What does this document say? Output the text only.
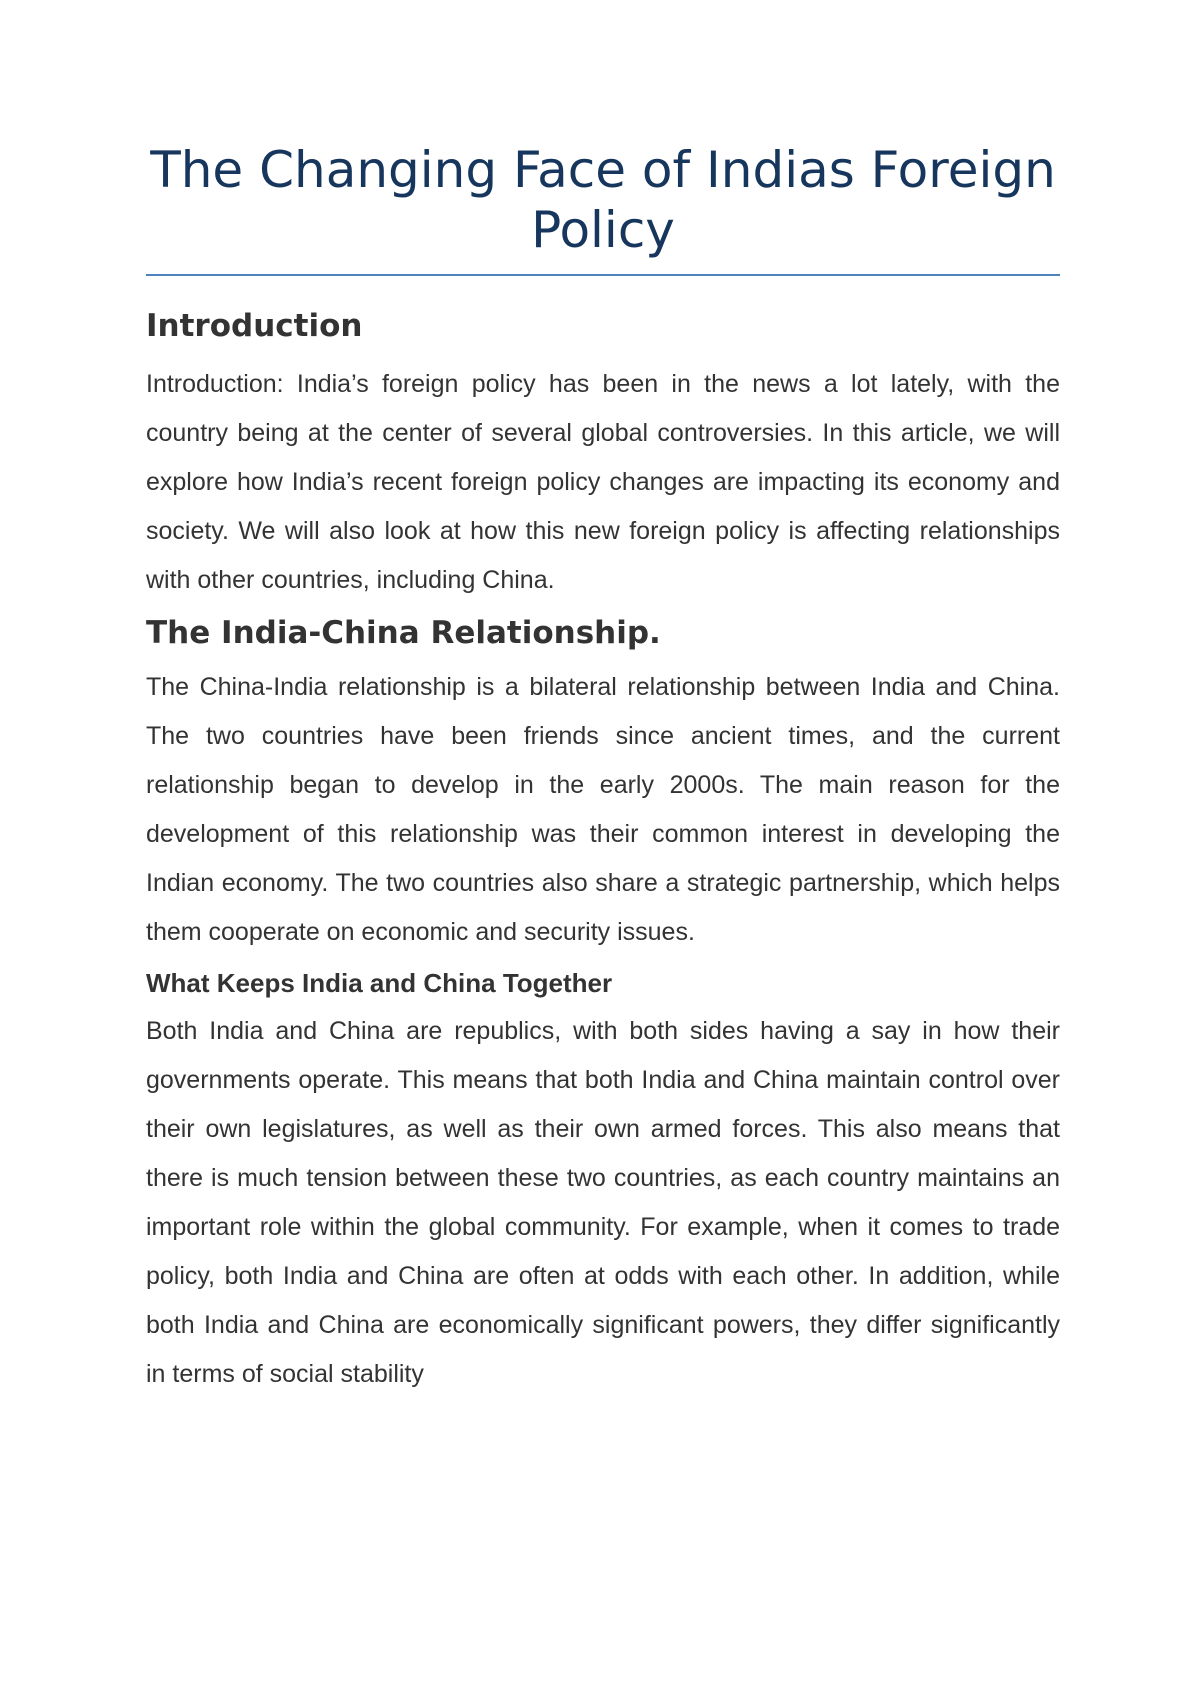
The Changing Face of Indias Foreign Policy
Introduction

Introduction: India’s foreign policy has been in the news a lot lately, with the country being at the center of several global controversies. In this article, we will explore how India’s recent foreign policy changes are impacting its economy and society. We will also look at how this new foreign policy is affecting relationships with other countries, including China.

The India-China Relationship.

The China-India relationship is a bilateral relationship between India and China. The two countries have been friends since ancient times, and the current relationship began to develop in the early 2000s. The main reason for the development of this relationship was their common interest in developing the Indian economy. The two countries also share a strategic partnership, which helps them cooperate on economic and security issues.

What Keeps India and China Together

Both India and China are republics, with both sides having a say in how their governments operate. This means that both India and China maintain control over their own legislatures, as well as their own armed forces. This also means that there is much tension between these two countries, as each country maintains an important role within the global community. For example, when it comes to trade policy, both India and China are often at odds with each other. In addition, while both India and China are economically significant powers, they differ significantly in terms of social stability
